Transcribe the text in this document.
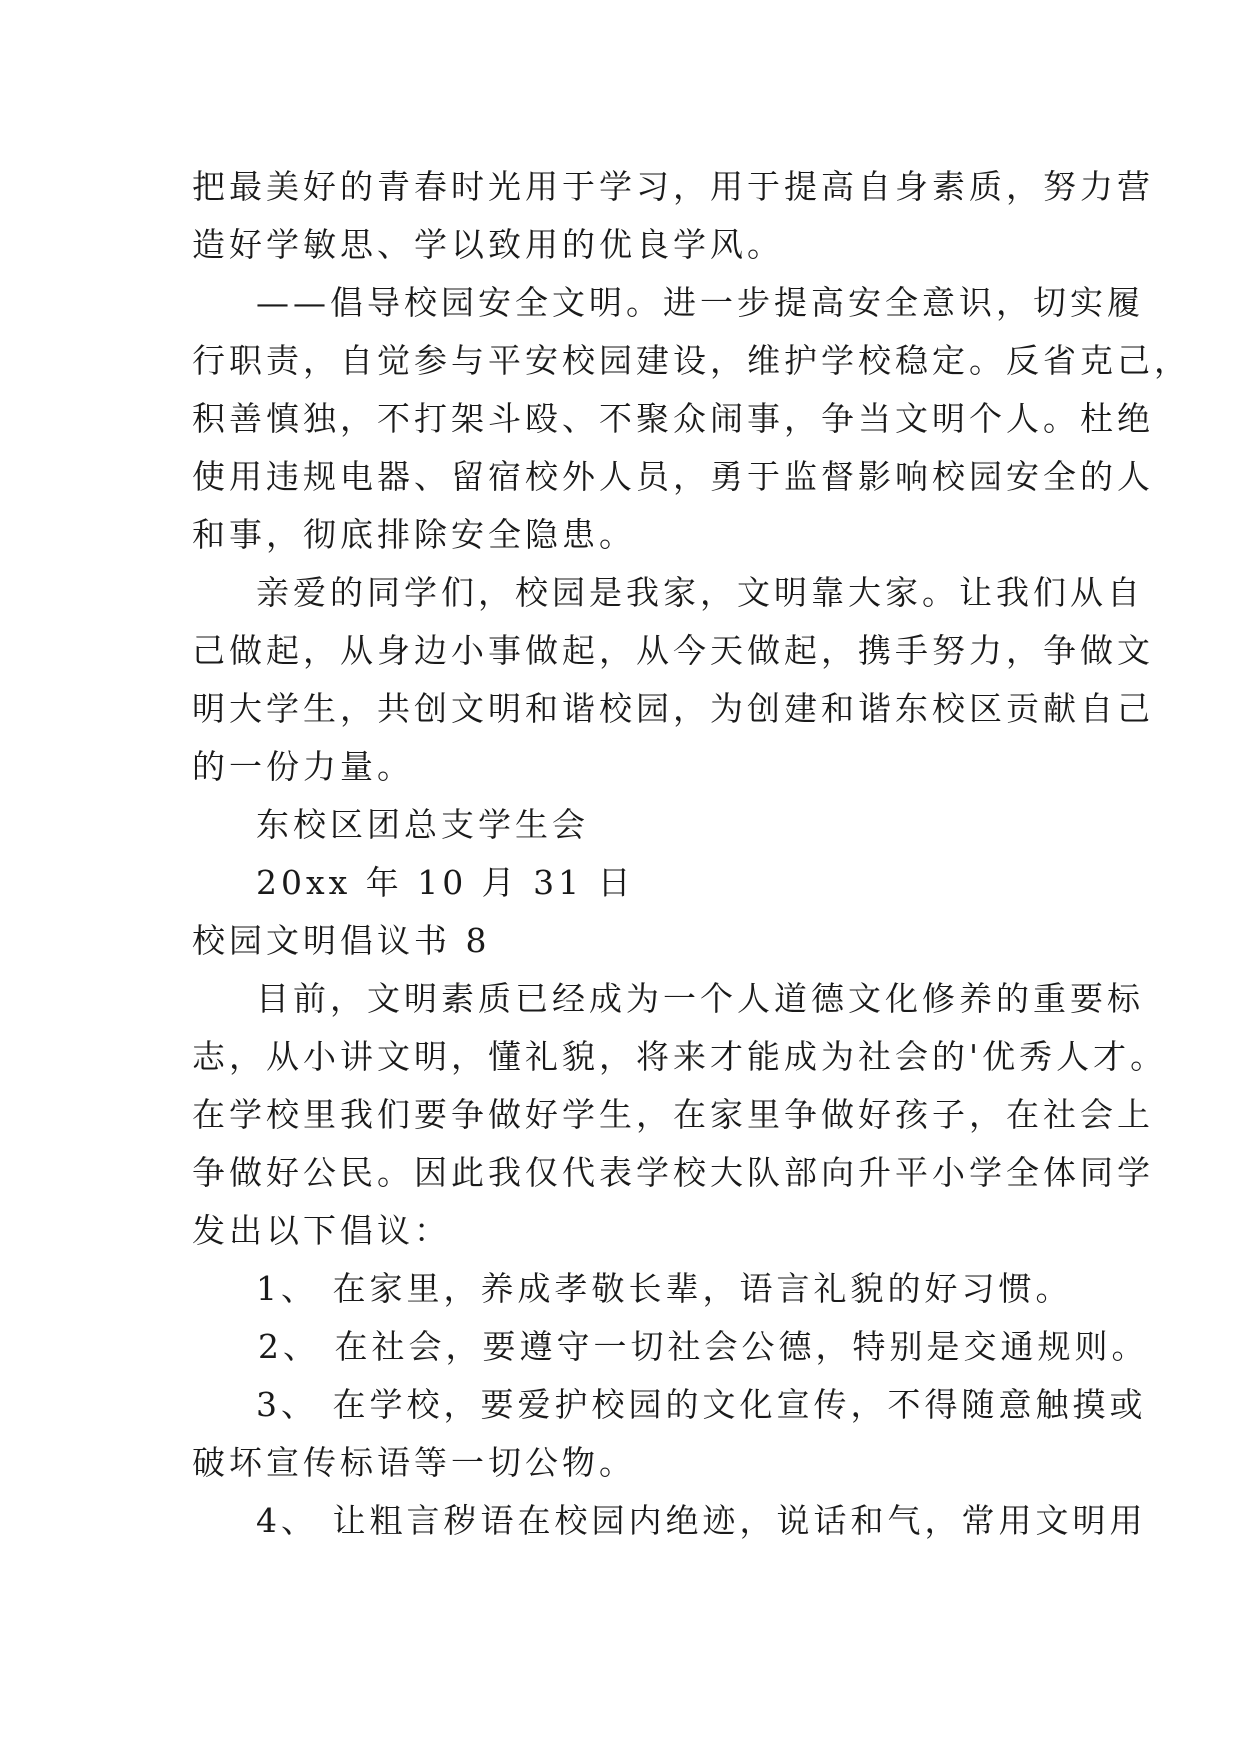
把最美好的青春时光用于学习，用于提高自身素质，努力营
造好学敏思、学以致用的优良学风。
——倡导校园安全文明。进一步提高安全意识，切实履
行职责，自觉参与平安校园建设，维护学校稳定。反省克己，
积善慎独，不打架斗殴、不聚众闹事，争当文明个人。杜绝
使用违规电器、留宿校外人员，勇于监督影响校园安全的人
和事，彻底排除安全隐患。
亲爱的同学们，校园是我家，文明靠大家。让我们从自
己做起，从身边小事做起，从今天做起，携手努力，争做文
明大学生，共创文明和谐校园，为创建和谐东校区贡献自己
的一份力量。
东校区团总支学生会
20xx 年 10 月 31 日
校园文明倡议书 8
目前，文明素质已经成为一个人道德文化修养的重要标
志，从小讲文明，懂礼貌，将来才能成为社会的'优秀人才。
在学校里我们要争做好学生，在家里争做好孩子，在社会上
争做好公民。因此我仅代表学校大队部向升平小学全体同学
发出以下倡议：
1、 在家里，养成孝敬长辈，语言礼貌的好习惯。
2、 在社会，要遵守一切社会公德，特别是交通规则。
3、 在学校，要爱护校园的文化宣传，不得随意触摸或
破坏宣传标语等一切公物。
4、 让粗言秽语在校园内绝迹，说话和气，常用文明用
